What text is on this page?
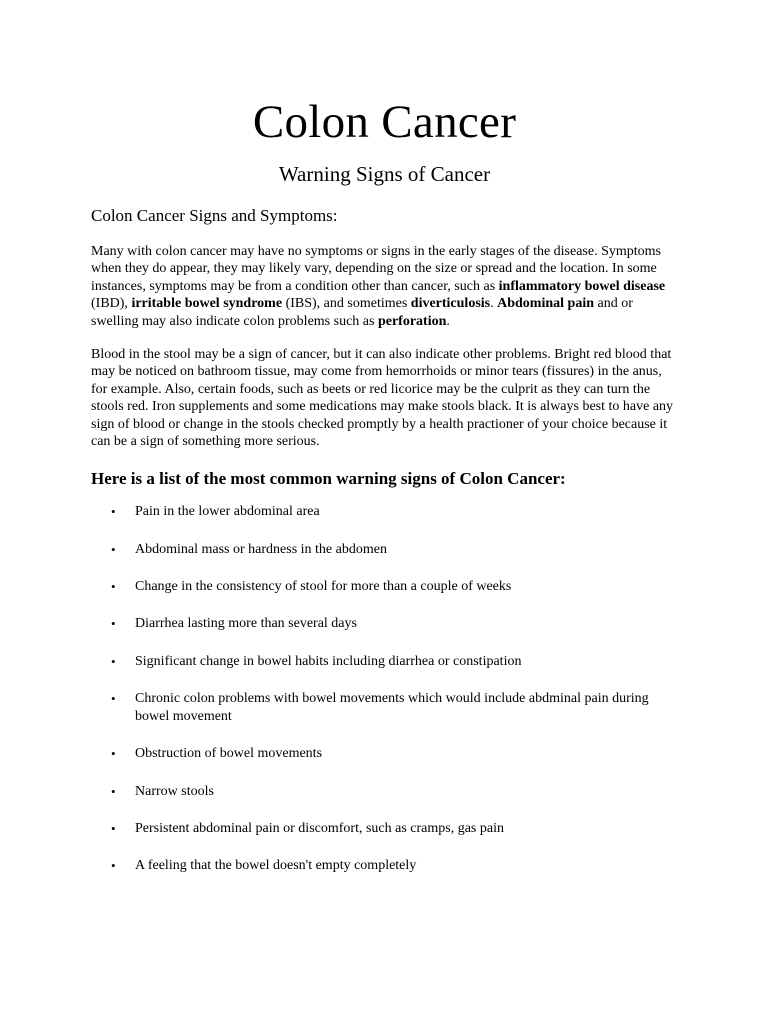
Colon Cancer
Warning Signs of Cancer
Colon Cancer Signs and Symptoms:

Many with colon cancer may have no symptoms or signs in the early stages of the disease. Symptoms when they do appear, they may likely vary, depending on the size or spread and the location. In some instances, symptoms may be from a condition other than cancer, such as inflammatory bowel disease (IBD), irritable bowel syndrome (IBS), and sometimes diverticulosis. Abdominal pain and or swelling may also indicate colon problems such as perforation.

Blood in the stool may be a sign of cancer, but it can also indicate other problems. Bright red blood that may be noticed on bathroom tissue, may come from hemorrhoids or minor tears (fissures) in the anus, for example. Also, certain foods, such as beets or red licorice may be the culprit as they can turn the stools red. Iron supplements and some medications may make stools black. It is always best to have any sign of blood or change in the stools checked promptly by a health practioner of your choice because it can be a sign of something more serious.

Here is a list of the most common warning signs of Colon Cancer:
• Pain in the lower abdominal area
• Abdominal mass or hardness in the abdomen
• Change in the consistency of stool for more than a couple of weeks
• Diarrhea lasting more than several days
• Significant change in bowel habits including diarrhea or constipation
• Chronic colon problems with bowel movements which would include abdminal pain during bowel movement
• Obstruction of bowel movements
• Narrow stools
• Persistent abdominal pain or discomfort, such as cramps, gas pain
• A feeling that the bowel doesn't empty completely
